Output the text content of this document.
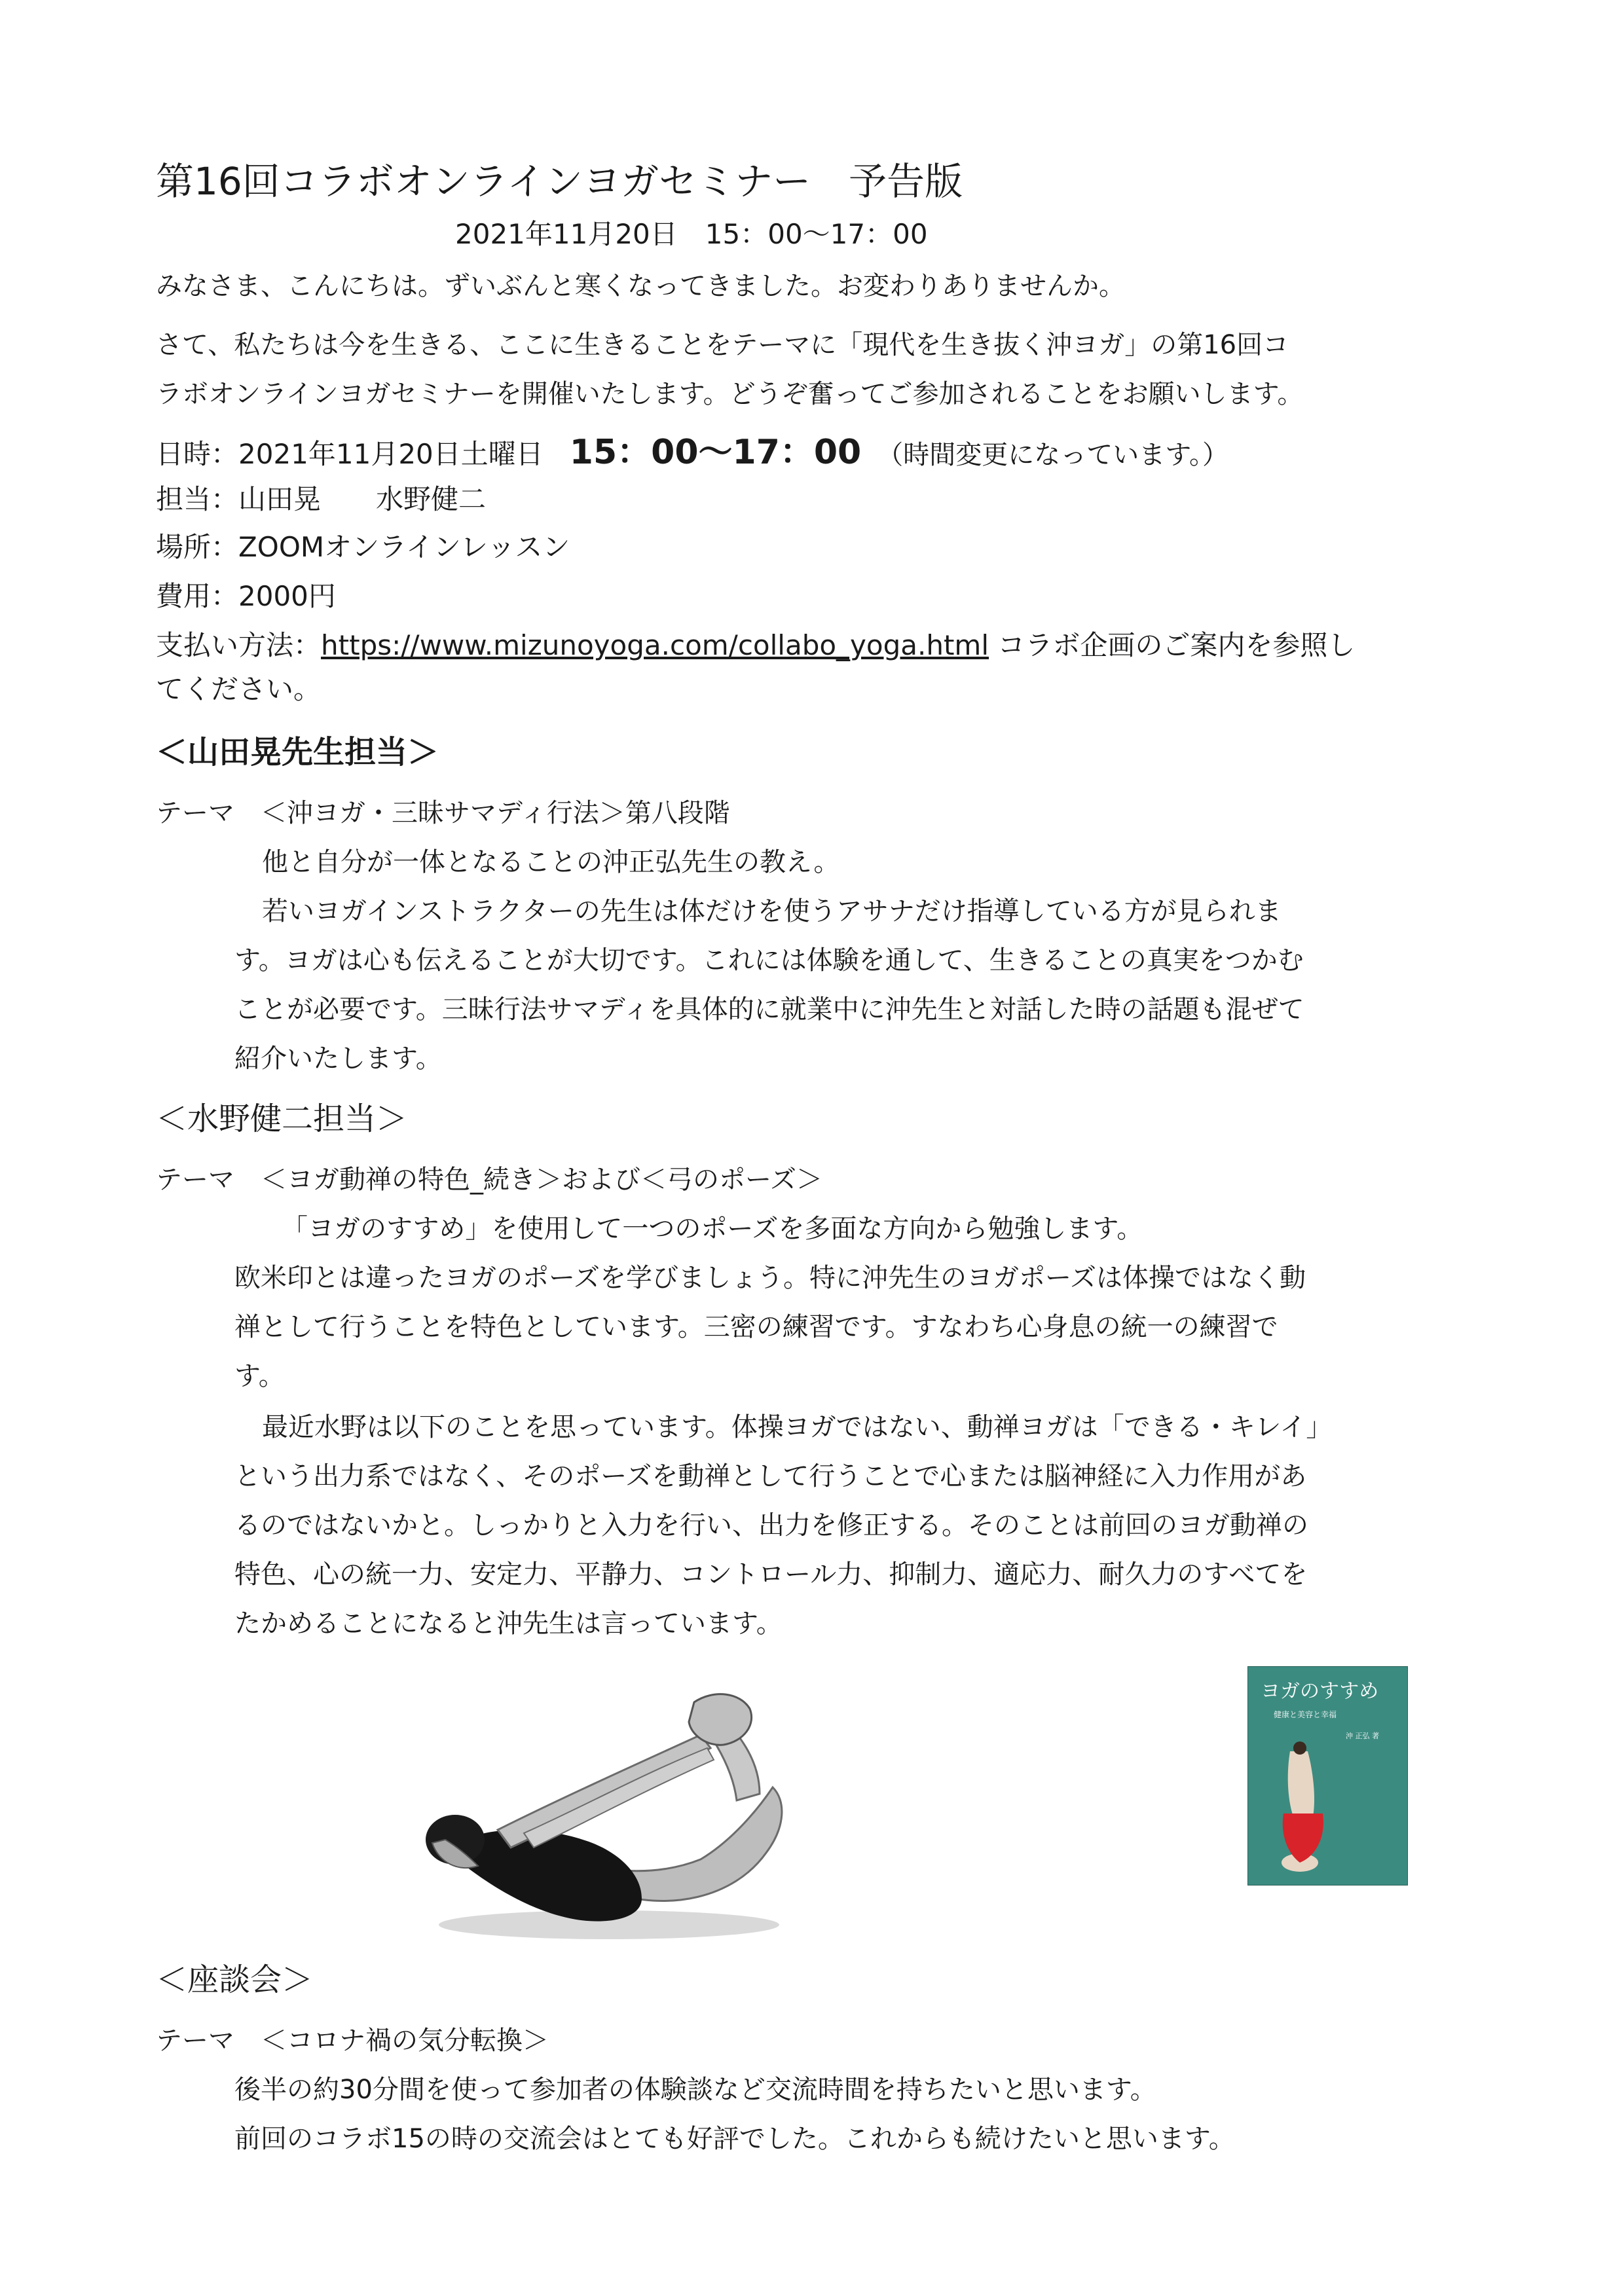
第16回コラボオンラインヨガセミナー　予告版
2021年11月20日　15：00～17：00
みなさま、こんにちは。ずいぶんと寒くなってきました。お変わりありませんか。
さて、私たちは今を生きる、ここに生きることをテーマに「現代を生き抜く沖ヨガ」の第16回コ
ラボオンラインヨガセミナーを開催いたします。どうぞ奮ってご参加されることをお願いします。
日時：2021年11月20日土曜日 15：00～17：00 （時間変更になっています。）
担当：山田晃　　水野健二
場所：ZOOMオンラインレッスン
費用：2000円
支払い方法：https://www.mizunoyoga.com/collabo_yoga.html コラボ企画のご案内を参照し
てください。
＜山田晃先生担当＞
テーマ　＜沖ヨガ・三昧サマディ行法＞第八段階
他と自分が一体となることの沖正弘先生の教え。
若いヨガインストラクターの先生は体だけを使うアサナだけ指導している方が見られま
す。ヨガは心も伝えることが大切です。これには体験を通して、生きることの真実をつかむ
ことが必要です。三昧行法サマディを具体的に就業中に沖先生と対話した時の話題も混ぜて
紹介いたします。
＜水野健二担当＞
テーマ　＜ヨガ動禅の特色_続き＞および＜弓のポーズ＞
「ヨガのすすめ」を使用して一つのポーズを多面な方向から勉強します。
欧米印とは違ったヨガのポーズを学びましょう。特に沖先生のヨガポーズは体操ではなく動
禅として行うことを特色としています。三密の練習です。すなわち心身息の統一の練習で
す。
最近水野は以下のことを思っています。体操ヨガではない、動禅ヨガは「できる・キレイ」
という出力系ではなく、そのポーズを動禅として行うことで心または脳神経に入力作用があ
るのではないかと。しっかりと入力を行い、出力を修正する。そのことは前回のヨガ動禅の
特色、心の統一力、安定力、平静力、コントロール力、抑制力、適応力、耐久力のすべてを
たかめることになると沖先生は言っています。
ヨガのすすめ
健康と美容と幸福
沖 正弘 著
＜座談会＞
テーマ　＜コロナ禍の気分転換＞
後半の約30分間を使って参加者の体験談など交流時間を持ちたいと思います。
前回のコラボ15の時の交流会はとても好評でした。これからも続けたいと思います。
